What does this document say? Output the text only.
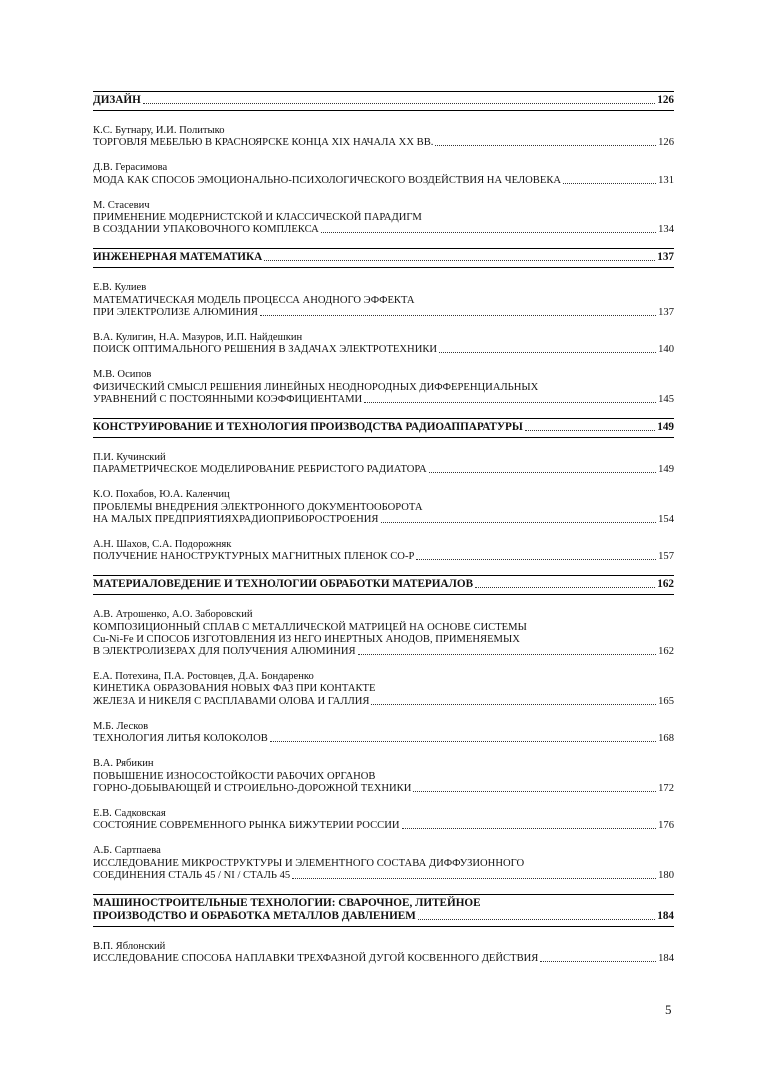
ДИЗАЙН	126
К.С. Бутнару, И.И. Политыко
ТОРГОВЛЯ МЕБЕЛЬЮ В КРАСНОЯРСКЕ КОНЦА XIX НАЧАЛА XX ВВ.	126
Д.В. Герасимова
МОДА КАК СПОСОБ ЭМОЦИОНАЛЬНО-ПСИХОЛОГИЧЕСКОГО ВОЗДЕЙСТВИЯ НА ЧЕЛОВЕКА	131
М. Стасевич
ПРИМЕНЕНИЕ МОДЕРНИСТСКОЙ И КЛАССИЧЕСКОЙ ПАРАДИГМ
В СОЗДАНИИ УПАКОВОЧНОГО КОМПЛЕКСА	134
ИНЖЕНЕРНАЯ МАТЕМАТИКА	137
Е.В. Кулиев
МАТЕМАТИЧЕСКАЯ МОДЕЛЬ ПРОЦЕССА АНОДНОГО ЭФФЕКТА
ПРИ ЭЛЕКТРОЛИЗЕ АЛЮМИНИЯ	137
В.А. Кулигин, Н.А. Мазуров, И.П. Найдешкин
ПОИСК ОПТИМАЛЬНОГО РЕШЕНИЯ В ЗАДАЧАХ ЭЛЕКТРОТЕХНИКИ	140
М.В. Осипов
ФИЗИЧЕСКИЙ СМЫСЛ РЕШЕНИЯ ЛИНЕЙНЫХ НЕОДНОРОДНЫХ ДИФФЕРЕНЦИАЛЬНЫХ
УРАВНЕНИЙ С ПОСТОЯННЫМИ КОЭФФИЦИЕНТАМИ	145
КОНСТРУИРОВАНИЕ И ТЕХНОЛОГИЯ ПРОИЗВОДСТВА РАДИОАППАРАТУРЫ	149
П.И. Кучинский
ПАРАМЕТРИЧЕСКОЕ МОДЕЛИРОВАНИЕ РЕБРИСТОГО РАДИАТОРА	149
К.О. Похабов, Ю.А. Каленчиц
ПРОБЛЕМЫ ВНЕДРЕНИЯ ЭЛЕКТРОННОГО ДОКУМЕНТООБОРОТА
НА МАЛЫХ ПРЕДПРИЯТИЯХРАДИОПРИБОРОСТРОЕНИЯ	154
А.Н. Шахов, С.А. Подорожняк
ПОЛУЧЕНИЕ НАНОСТРУКТУРНЫХ МАГНИТНЫХ ПЛЕНОК CO-P	157
МАТЕРИАЛОВЕДЕНИЕ И ТЕХНОЛОГИИ ОБРАБОТКИ МАТЕРИАЛОВ	162
А.В. Атрошенко, А.О. Заборовский
КОМПОЗИЦИОННЫЙ СПЛАВ С МЕТАЛЛИЧЕСКОЙ МАТРИЦЕЙ НА ОСНОВЕ СИСТЕМЫ
Cu-Ni-Fe И СПОСОБ ИЗГОТОВЛЕНИЯ ИЗ НЕГО ИНЕРТНЫХ АНОДОВ, ПРИМЕНЯЕМЫХ
В ЭЛЕКТРОЛИЗЕРАХ ДЛЯ ПОЛУЧЕНИЯ АЛЮМИНИЯ	162
Е.А. Потехина, П.А. Ростовцев, Д.А. Бондаренко
КИНЕТИКА ОБРАЗОВАНИЯ НОВЫХ ФАЗ ПРИ КОНТАКТЕ
ЖЕЛЕЗА И НИКЕЛЯ С РАСПЛАВАМИ ОЛОВА И ГАЛЛИЯ	165
М.Б. Лесков
ТЕХНОЛОГИЯ ЛИТЬЯ КОЛОКОЛОВ	168
В.А. Рябикин
ПОВЫШЕНИЕ ИЗНОСОСТОЙКОСТИ РАБОЧИХ ОРГАНОВ
ГОРНО-ДОБЫВАЮЩЕЙ И СТРОИЕЛЬНО-ДОРОЖНОЙ ТЕХНИКИ	172
Е.В. Садковская
СОСТОЯНИЕ СОВРЕМЕННОГО РЫНКА БИЖУТЕРИИ РОССИИ	176
А.Б. Сартпаева
ИССЛЕДОВАНИЕ МИКРОСТРУКТУРЫ И ЭЛЕМЕНТНОГО СОСТАВА ДИФФУЗИОННОГО
СОЕДИНЕНИЯ СТАЛЬ 45 / NI / СТАЛЬ 45	180
МАШИНОСТРОИТЕЛЬНЫЕ ТЕХНОЛОГИИ: СВАРОЧНОЕ, ЛИТЕЙНОЕ
ПРОИЗВОДСТВО И ОБРАБОТКА МЕТАЛЛОВ ДАВЛЕНИЕМ	184
В.П. Яблонский
ИССЛЕДОВАНИЕ СПОСОБА НАПЛАВКИ ТРЕХФАЗНОЙ ДУГОЙ КОСВЕННОГО ДЕЙСТВИЯ	184
5
